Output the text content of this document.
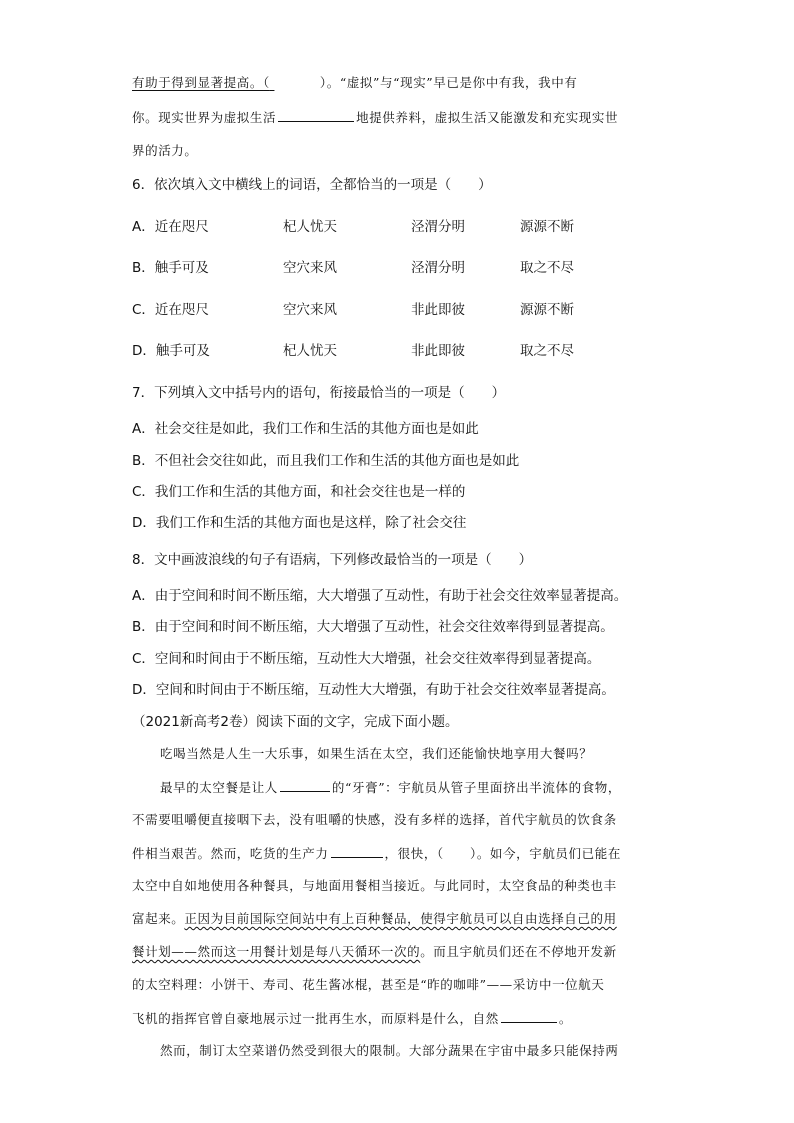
有助于得到显著提高。（	）。“虚拟”与“现实”早已是你中有我，我中有
你。现实世界为虚拟生活	地提供养料，虚拟生活又能激发和充实现实世
界的活力。
6．依次填入文中横线上的词语，全都恰当的一项是（　　）
A．近在咫尺	杞人忧天	泾渭分明	源源不断
B．触手可及	空穴来风	泾渭分明	取之不尽
C．近在咫尺	空穴来风	非此即彼	源源不断
D．触手可及	杞人忧天	非此即彼	取之不尽
7．下列填入文中括号内的语句，衔接最恰当的一项是（　　）
A．社会交往是如此，我们工作和生活的其他方面也是如此
B．不但社会交往如此，而且我们工作和生活的其他方面也是如此
C．我们工作和生活的其他方面，和社会交往也是一样的
D．我们工作和生活的其他方面也是这样，除了社会交往
8．文中画波浪线的句子有语病，下列修改最恰当的一项是（　　）
A．由于空间和时间不断压缩，大大增强了互动性，有助于社会交往效率显著提高。
B．由于空间和时间不断压缩，大大增强了互动性，社会交往效率得到显著提高。
C．空间和时间由于不断压缩，互动性大大增强，社会交往效率得到显著提高。
D．空间和时间由于不断压缩，互动性大大增强，有助于社会交往效率显著提高。
（2021新高考2卷）阅读下面的文字，完成下面小题。
吃喝当然是人生一大乐事，如果生活在太空，我们还能愉快地享用大餐吗？
最早的太空餐是让人	的“牙膏”：宇航员从管子里面挤出半流体的食物，
不需要咀嚼便直接咽下去，没有咀嚼的快感，没有多样的选择，首代宇航员的饮食条
件相当艰苦。然而，吃货的生产力	，很快，（　　）。如今，宇航员们已能在
太空中自如地使用各种餐具，与地面用餐相当接近。与此同时，太空食品的种类也丰
富起来。正因为目前国际空间站中有上百种餐品，使得宇航员可以自由选择自己的用
餐计划——然而这一用餐计划是每八天循环一次的。而且宇航员们还在不停地开发新
的太空料理：小饼干、寿司、花生酱冰棍，甚至是“昨的咖啡”——采访中一位航天
飞机的指挥官曾自豪地展示过一批再生水，而原料是什么，自然	。
然而，制订太空菜谱仍然受到很大的限制。大部分蔬果在宇宙中最多只能保持两
